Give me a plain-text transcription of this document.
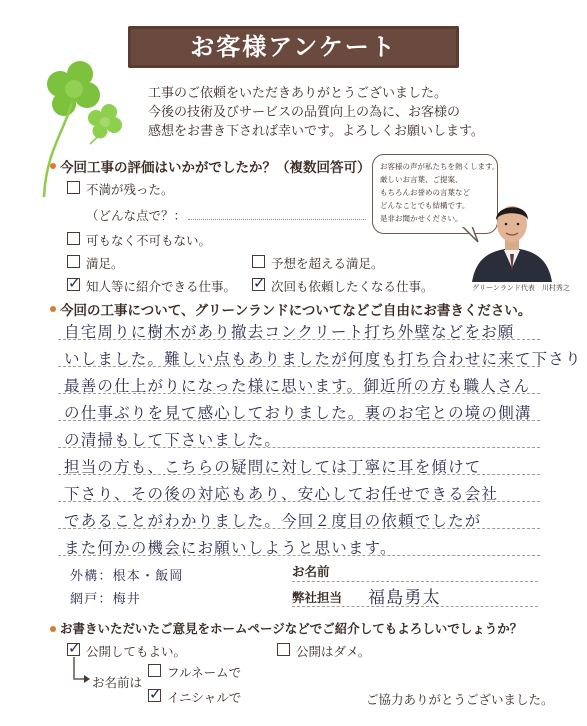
お客様アンケート
工事のご依頼をいただきありがとうございました。
今後の技術及びサービスの品質向上の為に、お客様の
感想をお書き下されば幸いです。よろしくお願いします。
今回工事の評価はいかがでしたか？（複数回答可）
不満が残った。
（どんな点で？：
可もなく不可もない。
満足。	予想を超える満足。
✓ 知人等に紹介できる仕事。 ✓ 次回も依頼したくなる仕事。
お客様の声が私たちを熱くします。
厳しいお言葉、ご提案、
もちろんお誉めの言葉など
どんなことでも結構です。
是非お聞かせください。
グリーンランド代表　川村秀之
今回の工事について、グリーンランドについてなどご自由にお書きください。
自宅周りに樹木があり撤去コンクリート打ち外壁などをお願
いしました。難しい点もありましたが何度も打ち合わせに来て下さり
最善の仕上がりになった様に思います。御近所の方も職人さん
の仕事ぶりを見て感心しておりました。裏のお宅との境の側溝
の清掃もして下さいました。
担当の方も、こちらの疑問に対しては丁寧に耳を傾けて
下さり、その後の対応もあり、安心してお任せできる会社
であることがわかりました。今回２度目の依頼でしたが
また何かの機会にお願いしようと思います。
外構：根本・飯岡
網戸：梅井
お名前
弊社担当 福島勇太
お書きいただいたご意見をホームページなどでご紹介してもよろしいでしょうか？
✓ 公開してもよい。	公開はダメ。
お名前は
フルネームで
✓ イニシャルで	ご協力ありがとうございました。
